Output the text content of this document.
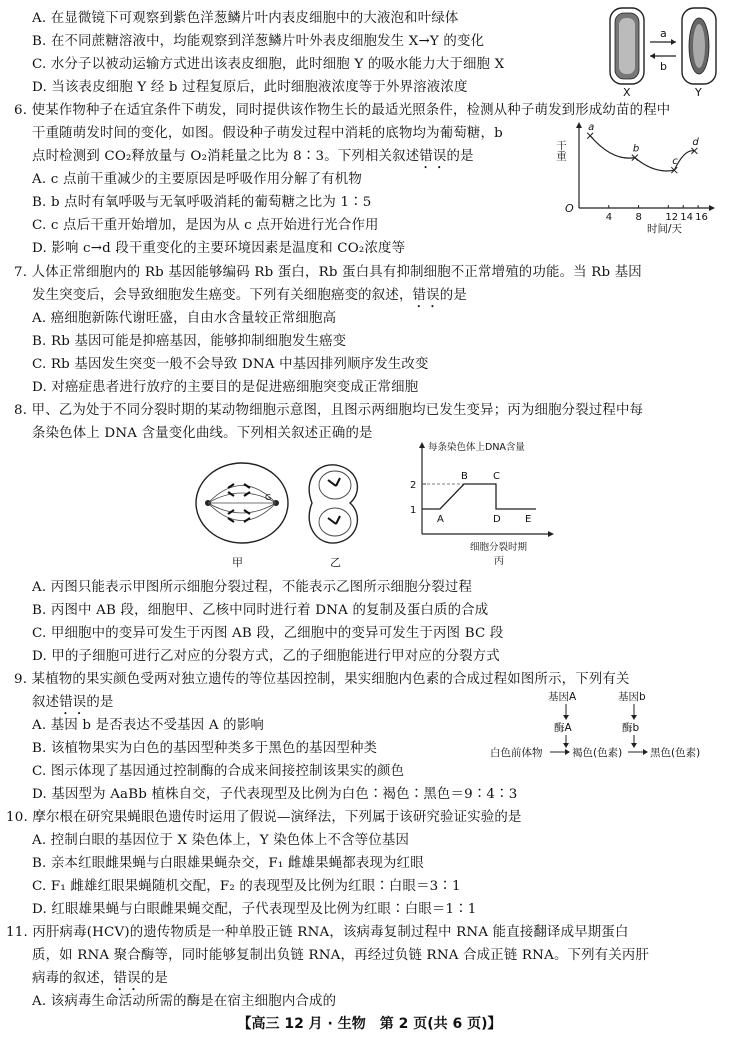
A. 在显微镜下可观察到紫色洋葱鳞片叶内表皮细胞中的大液泡和叶绿体
B. 在不同蔗糖溶液中，均能观察到洋葱鳞片叶外表皮细胞发生 X→Y 的变化
C. 水分子以被动运输方式进出该表皮细胞，此时细胞 Y 的吸水能力大于细胞 X
D. 当该表皮细胞 Y 经 b 过程复原后，此时细胞液浓度等于外界溶液浓度
a
b
X	Y
6. 使某作物种子在适宜条件下萌发，同时提供该作物生长的最适光照条件，检测从种子萌发到形成幼苗的程中
干重随萌发时间的变化，如图。假设种子萌发过程中消耗的底物均为葡萄糖，b
点时检测到 CO₂释放量与 O₂消耗量之比为 8∶3。下列相关叙述错误的是
A. c 点前干重减少的主要原因是呼吸作用分解了有机物
B. b 点时有氧呼吸与无氧呼吸消耗的葡萄糖之比为 1∶5
C. c 点后干重开始增加，是因为从 c 点开始进行光合作用
D. 影响 c→d 段干重变化的主要环境因素是温度和 CO₂浓度等
干重
O
时间/天
4 8 12 14 16
a
b
c
d
7. 人体正常细胞内的 Rb 基因能够编码 Rb 蛋白，Rb 蛋白具有抑制细胞不正常增殖的功能。当 Rb 基因
发生突变后，会导致细胞发生癌变。下列有关细胞癌变的叙述，错误的是
A. 癌细胞新陈代谢旺盛，自由水含量较正常细胞高
B. Rb 基因可能是抑癌基因，能够抑制细胞发生癌变
C. Rb 基因发生突变一般不会导致 DNA 中基因排列顺序发生改变
D. 对癌症患者进行放疗的主要目的是促进癌细胞突变成正常细胞
8. 甲、乙为处于不同分裂时期的某动物细胞示意图，且图示两细胞均已发生变异；丙为细胞分裂过程中每
条染色体上 DNA 含量变化曲线。下列相关叙述正确的是
G
甲	乙
每条染色体上DNA含量
细胞分裂时期
丙
1
2
A
B	C
D E
A. 丙图只能表示甲图所示细胞分裂过程，不能表示乙图所示细胞分裂过程
B. 丙图中 AB 段，细胞甲、乙核中同时进行着 DNA 的复制及蛋白质的合成
C. 甲细胞中的变异可发生于丙图 AB 段，乙细胞中的变异可发生于丙图 BC 段
D. 甲的子细胞可进行乙对应的分裂方式，乙的子细胞能进行甲对应的分裂方式
9. 某植物的果实颜色受两对独立遗传的等位基因控制，果实细胞内色素的合成过程如图所示，下列有关
叙述错误的是
A. 基因 b 是否表达不受基因 A 的影响
B. 该植物果实为白色的基因型种类多于黑色的基因型种类
C. 图示体现了基因通过控制酶的合成来间接控制该果实的颜色
D. 基因型为 AaBb 植株自交，子代表现型及比例为白色∶褐色∶黑色＝9∶4∶3
基因A	基因b
酶A	酶b
白色前体物	褐色(色素)	黑色(色素)
10. 摩尔根在研究果蝇眼色遗传时运用了假说—演绎法，下列属于该研究验证实验的是
A. 控制白眼的基因位于 X 染色体上，Y 染色体上不含等位基因
B. 亲本红眼雌果蝇与白眼雄果蝇杂交，F₁ 雌雄果蝇都表现为红眼
C. F₁ 雌雄红眼果蝇随机交配，F₂ 的表现型及比例为红眼∶白眼＝3∶1
D. 红眼雄果蝇与白眼雌果蝇交配，子代表现型及比例为红眼∶白眼＝1∶1
11. 丙肝病毒(HCV)的遗传物质是一种单股正链 RNA，该病毒复制过程中 RNA 能直接翻译成早期蛋白
质，如 RNA 聚合酶等，同时能够复制出负链 RNA，再经过负链 RNA 合成正链 RNA。下列有关丙肝
病毒的叙述，错误的是
A. 该病毒生命活动所需的酶是在宿主细胞内合成的
【高三 12 月 · 生物　第 2 页(共 6 页)】
